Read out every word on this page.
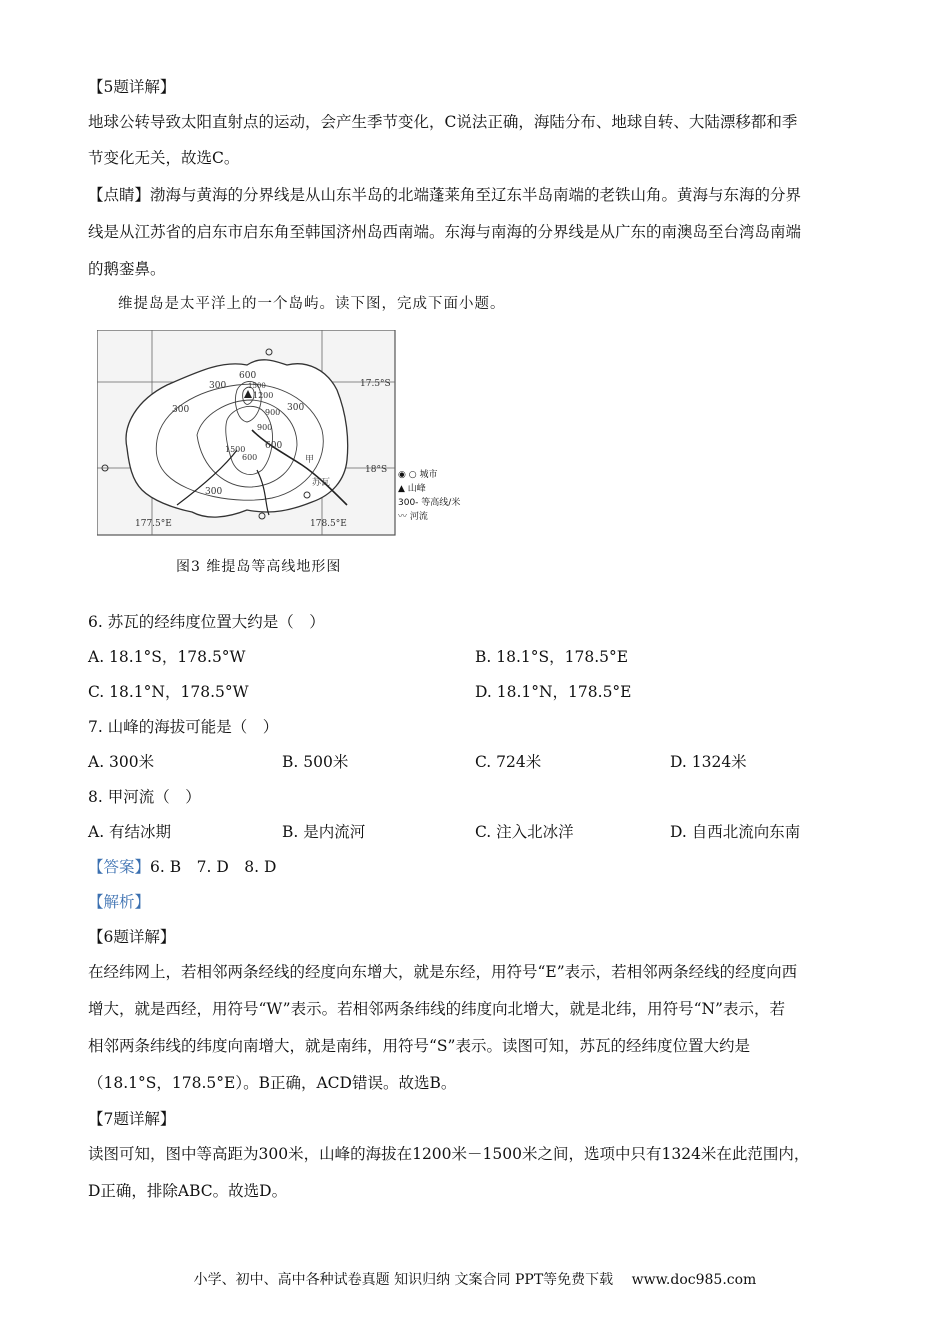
【5题详解】
地球公转导致太阳直射点的运动，会产生季节变化，C说法正确，海陆分布、地球自转、大陆漂移都和季
节变化无关，故选C。
【点睛】渤海与黄海的分界线是从山东半岛的北端蓬莱角至辽东半岛南端的老铁山角。黄海与东海的分界
线是从江苏省的启东市启东角至韩国济州岛西南端。东海与南海的分界线是从广东的南澳岛至台湾岛南端
的鹅銮鼻。
维提岛是太平洋上的一个岛屿。读下图，完成下面小题。
300
600
900
1200
1500
300	300
600
900
1500
600
300
甲
苏瓦
17.5°S
18°S
177.5°E	178.5°E
◉ ○ 城市
▲ 山峰
300- 等高线/米
〰 河流
图3 维提岛等高线地形图
6. 苏瓦的经纬度位置大约是（　）
A. 18.1°S，178.5°W	B. 18.1°S，178.5°E
C. 18.1°N，178.5°W	D. 18.1°N，178.5°E
7. 山峰的海拔可能是（　）
A. 300米	B. 500米	C. 724米	D. 1324米
8. 甲河流（　）
A. 有结冰期	B. 是内流河	C. 注入北冰洋	D. 自西北流向东南
【答案】6. B　7. D　8. D
【解析】
【6题详解】
在经纬网上，若相邻两条经线的经度向东增大，就是东经，用符号“E”表示，若相邻两条经线的经度向西
增大，就是西经，用符号“W”表示。若相邻两条纬线的纬度向北增大，就是北纬，用符号“N”表示，若
相邻两条纬线的纬度向南增大，就是南纬，用符号“S”表示。读图可知，苏瓦的经纬度位置大约是
（18.1°S，178.5°E）。B正确，ACD错误。故选B。
【7题详解】
读图可知，图中等高距为300米，山峰的海拔在1200米－1500米之间，选项中只有1324米在此范围内，
D正确，排除ABC。故选D。
小学、初中、高中各种试卷真题 知识归纳 文案合同 PPT等免费下载　 www.doc985.com
